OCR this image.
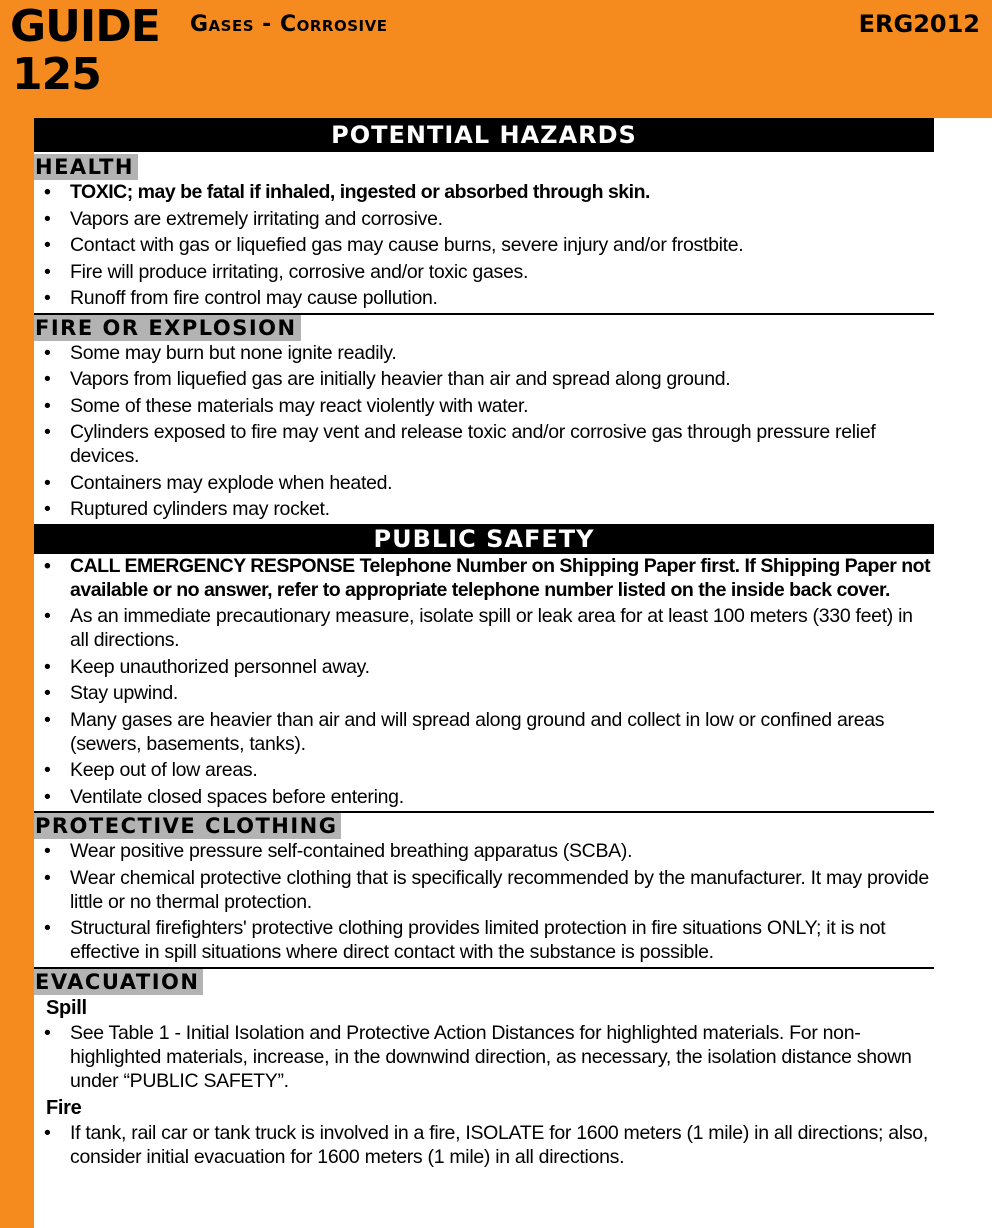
GUIDE
125
Gases - Corrosive	ERG2012
POTENTIAL HAZARDS
HEALTH
• TOXIC; may be fatal if inhaled, ingested or absorbed through skin.
• Vapors are extremely irritating and corrosive.
• Contact with gas or liquefied gas may cause burns, severe injury and/or frostbite.
• Fire will produce irritating, corrosive and/or toxic gases.
• Runoff from fire control may cause pollution.
FIRE OR EXPLOSION
• Some may burn but none ignite readily.
• Vapors from liquefied gas are initially heavier than air and spread along ground.
• Some of these materials may react violently with water.
• Cylinders exposed to fire may vent and release toxic and/or corrosive gas through pressure relief devices.
• Containers may explode when heated.
• Ruptured cylinders may rocket.
PUBLIC SAFETY
• CALL EMERGENCY RESPONSE Telephone Number on Shipping Paper first. If Shipping Paper not available or no answer, refer to appropriate telephone number listed on the inside back cover.
• As an immediate precautionary measure, isolate spill or leak area for at least 100 meters (330 feet) in all directions.
• Keep unauthorized personnel away.
• Stay upwind.
• Many gases are heavier than air and will spread along ground and collect in low or confined areas (sewers, basements, tanks).
• Keep out of low areas.
• Ventilate closed spaces before entering.
PROTECTIVE CLOTHING
• Wear positive pressure self-contained breathing apparatus (SCBA).
• Wear chemical protective clothing that is specifically recommended by the manufacturer. It may provide little or no thermal protection.
• Structural firefighters' protective clothing provides limited protection in fire situations ONLY; it is not effective in spill situations where direct contact with the substance is possible.
EVACUATION
Spill
• See Table 1 - Initial Isolation and Protective Action Distances for highlighted materials. For non-highlighted materials, increase, in the downwind direction, as necessary, the isolation distance shown under “PUBLIC SAFETY”.
Fire
• If tank, rail car or tank truck is involved in a fire, ISOLATE for 1600 meters (1 mile) in all directions; also, consider initial evacuation for 1600 meters (1 mile) in all directions.
